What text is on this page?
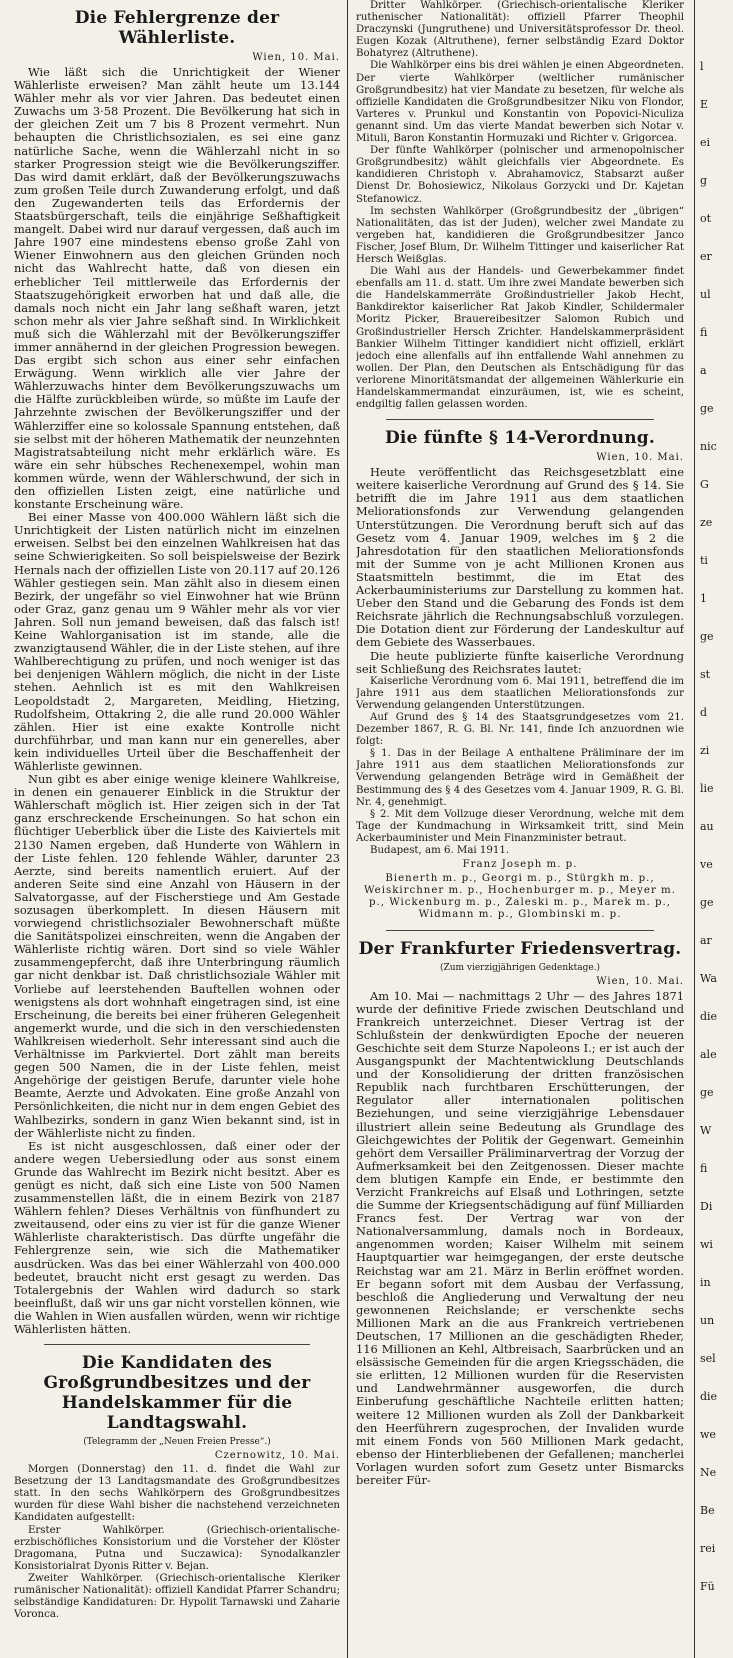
Die Fehlergrenze der Wählerliste.
Wien, 10. Mai.

Wie läßt sich die Unrichtigkeit der Wiener Wählerliste erweisen? Man zählt heute um 13.144 Wähler mehr als vor vier Jahren. Das bedeutet einen Zuwachs um 3·58 Prozent. Die Bevölkerung hat sich in der gleichen Zeit um 7 bis 8 Prozent vermehrt. Nun behaupten die Christlichsozialen, es sei eine ganz natürliche Sache, wenn die Wählerzahl nicht in so starker Progression steigt wie die Bevölkerungsziffer. Das wird damit erklärt, daß der Bevölkerungszuwachs zum großen Teile durch Zuwanderung erfolgt, und daß den Zugewanderten teils das Erfordernis der Staatsbürgerschaft, teils die einjährige Seßhaftigkeit mangelt. Dabei wird nur darauf vergessen, daß auch im Jahre 1907 eine mindestens ebenso große Zahl von Wiener Einwohnern aus den gleichen Gründen noch nicht das Wahlrecht hatte, daß von diesen ein erheblicher Teil mittlerweile das Erfordernis der Staatszugehörigkeit erworben hat und daß alle, die damals noch nicht ein Jahr lang seßhaft waren, jetzt schon mehr als vier Jahre seßhaft sind. In Wirklichkeit muß sich die Wählerzahl mit der Bevölkerungsziffer immer annähernd in der gleichen Progression bewegen. Das ergibt sich schon aus einer sehr einfachen Erwägung. Wenn wirklich alle vier Jahre der Wählerzuwachs hinter dem Bevölkerungszuwachs um die Hälfte zurückbleiben würde, so müßte im Laufe der Jahrzehnte zwischen der Bevölkerungsziffer und der Wählerziffer eine so kolossale Spannung entstehen, daß sie selbst mit der höheren Mathematik der neunzehnten Magistratsabteilung nicht mehr erklärlich wäre. Es wäre ein sehr hübsches Rechenexempel, wohin man kommen würde, wenn der Wählerschwund, der sich in den offiziellen Listen zeigt, eine natürliche und konstante Erscheinung wäre.

Bei einer Masse von 400.000 Wählern läßt sich die Unrichtigkeit der Listen natürlich nicht im einzelnen erweisen. Selbst bei den einzelnen Wahlkreisen hat das seine Schwierigkeiten. So soll beispielsweise der Bezirk Hernals nach der offiziellen Liste von 20.117 auf 20.126 Wähler gestiegen sein. Man zählt also in diesem einen Bezirk, der ungefähr so viel Einwohner hat wie Brünn oder Graz, ganz genau um 9 Wähler mehr als vor vier Jahren. Soll nun jemand beweisen, daß das falsch ist! Keine Wahlorganisation ist im stande, alle die zwanzigtausend Wähler, die in der Liste stehen, auf ihre Wahlberechtigung zu prüfen, und noch weniger ist das bei denjenigen Wählern möglich, die nicht in der Liste stehen. Aehnlich ist es mit den Wahlkreisen Leopoldstadt 2, Margareten, Meidling, Hietzing, Rudolfsheim, Ottakring 2, die alle rund 20.000 Wähler zählen. Hier ist eine exakte Kontrolle nicht durchführbar, und man kann nur ein generelles, aber kein individuelles Urteil über die Beschaffenheit der Wählerliste gewinnen.

Nun gibt es aber einige wenige kleinere Wahlkreise, in denen ein genauerer Einblick in die Struktur der Wählerschaft möglich ist. Hier zeigen sich in der Tat ganz erschreckende Erscheinungen. So hat schon ein flüchtiger Ueberblick über die Liste des Kaiviertels mit 2130 Namen ergeben, daß Hunderte von Wählern in der Liste fehlen. 120 fehlende Wähler, darunter 23 Aerzte, sind bereits namentlich eruiert. Auf der anderen Seite sind eine Anzahl von Häusern in der Salvatorgasse, auf der Fischerstiege und Am Gestade sozusagen überkomplett. In diesen Häusern mit vorwiegend christlichsozialer Bewohnerschaft müßte die Sanitätspolizei einschreiten, wenn die Angaben der Wählerliste richtig wären. Dort sind so viele Wähler zusammengepfercht, daß ihre Unterbringung räumlich gar nicht denkbar ist. Daß christlichsoziale Wähler mit Vorliebe auf leerstehenden Bauftellen wohnen oder wenigstens als dort wohnhaft eingetragen sind, ist eine Erscheinung, die bereits bei einer früheren Gelegenheit angemerkt wurde, und die sich in den verschiedensten Wahlkreisen wiederholt. Sehr interessant sind auch die Verhältnisse im Parkviertel. Dort zählt man bereits gegen 500 Namen, die in der Liste fehlen, meist Angehörige der geistigen Berufe, darunter viele hohe Beamte, Aerzte und Advokaten. Eine große Anzahl von Persönlichkeiten, die nicht nur in dem engen Gebiet des Wahlbezirks, sondern in ganz Wien bekannt sind, ist in der Wählerliste nicht zu finden.

Es ist nicht ausgeschlossen, daß einer oder der andere wegen Uebersiedlung oder aus sonst einem Grunde das Wahlrecht im Bezirk nicht besitzt. Aber es genügt es nicht, daß sich eine Liste von 500 Namen zusammenstellen läßt, die in einem Bezirk von 2187 Wählern fehlen? Dieses Verhältnis von fünfhundert zu zweitausend, oder eins zu vier ist für die ganze Wiener Wählerliste charakteristisch. Das dürfte ungefähr die Fehlergrenze sein, wie sich die Mathematiker ausdrücken. Was das bei einer Wählerzahl von 400.000 bedeutet, braucht nicht erst gesagt zu werden. Das Totalergebnis der Wahlen wird dadurch so stark beeinflußt, daß wir uns gar nicht vorstellen können, wie die Wahlen in Wien ausfallen würden, wenn wir richtige Wählerlisten hätten.

Die Kandidaten des Großgrundbesitzes und der Handelskammer für die Landtagswahl.
(Telegramm der „Neuen Freien Presse“.)
Czernowitz, 10. Mai.

Morgen (Donnerstag) den 11. d. findet die Wahl zur Besetzung der 13 Landtagsmandate des Großgrundbesitzes statt. In den sechs Wahlkörpern des Großgrundbesitzes wurden für diese Wahl bisher die nachstehend verzeichneten Kandidaten aufgestellt:

Erster Wahlkörper. (Griechisch-orientalische-erzbischöfliches Konsistorium und die Vorsteher der Klöster Dragomana, Putna und Suczawica): Synodalkanzler Konsistorialrat Dyonis Ritter v. Bejan.

Zweiter Wahlkörper. (Griechisch-orientalische Kleriker rumänischer Nationalität): offiziell Kandidat Pfarrer Schandru; selbständige Kandidaturen: Dr. Hypolit Tarnawski und Zaharie Voronca.

Dritter Wahlkörper. (Griechisch-orientalische Kleriker ruthenischer Nationalität): offiziell Pfarrer Theophil Draczynski (Jungruthene) und Universitätsprofessor Dr. theol. Eugen Kozak (Altruthene), ferner selbständig Ezard Doktor Bohatyrez (Altruthene).

Die Wahlkörper eins bis drei wählen je einen Abgeordneten. Der vierte Wahlkörper (weltlicher rumänischer Großgrundbesitz) hat vier Mandate zu besetzen, für welche als offizielle Kandidaten die Großgrundbesitzer Niku von Flondor, Varteres v. Prunkul und Konstantin von Popovici-Niculiza genannt sind. Um das vierte Mandat bewerben sich Notar v. Mituli, Baron Konstantin Hormuzaki und Richter v. Grigorcea.

Der fünfte Wahlkörper (polnischer und armenopolnischer Großgrundbesitz) wählt gleichfalls vier Abgeordnete. Es kandidieren Christoph v. Abrahamovicz, Stabsarzt außer Dienst Dr. Bohosiewicz, Nikolaus Gorzycki und Dr. Kajetan Stefanowicz.

Im sechsten Wahlkörper (Großgrundbesitz der „übrigen“ Nationalitäten, das ist der Juden), welcher zwei Mandate zu vergeben hat, kandidieren die Großgrundbesitzer Janco Fischer, Josef Blum, Dr. Wilhelm Tittinger und kaiserlicher Rat Hersch Weißglas.

Die Wahl aus der Handels- und Gewerbekammer findet ebenfalls am 11. d. statt. Um ihre zwei Mandate bewerben sich die Handelskammerräte Großindustrieller Jakob Hecht, Bankdirektor kaiserlicher Rat Jakob Kindler, Schildermaler Moritz Picker, Brauereibesitzer Salomon Rubich und Großindustrieller Hersch Zrichter. Handelskammerpräsident Bankier Wilhelm Tittinger kandidiert nicht offiziell, erklärt jedoch eine allenfalls auf ihn entfallende Wahl annehmen zu wollen. Der Plan, den Deutschen als Entschädigung für das verlorene Minoritätsmandat der allgemeinen Wählerkurie ein Handelskammermandat einzuräumen, ist, wie es scheint, endgiltig fallen gelassen worden.

Die fünfte § 14-Verordnung.
Wien, 10. Mai.

Heute veröffentlicht das Reichsgesetzblatt eine weitere kaiserliche Verordnung auf Grund des § 14. Sie betrifft die im Jahre 1911 aus dem staatlichen Meliorationsfonds zur Verwendung gelangenden Unterstützungen. Die Verordnung beruft sich auf das Gesetz vom 4. Januar 1909, welches im § 2 die Jahresdotation für den staatlichen Meliorationsfonds mit der Summe von je acht Millionen Kronen aus Staatsmitteln bestimmt, die im Etat des Ackerbauministeriums zur Darstellung zu kommen hat. Ueber den Stand und die Gebarung des Fonds ist dem Reichsrate jährlich die Rechnungsabschluß vorzulegen. Die Dotation dient zur Förderung der Landeskultur auf dem Gebiete des Wasserbaues.

Die heute publizierte fünfte kaiserliche Verordnung seit Schließung des Reichsrates lautet:

Kaiserliche Verordnung vom 6. Mai 1911, betreffend die im Jahre 1911 aus dem staatlichen Meliorationsfonds zur Verwendung gelangenden Unterstützungen.

Auf Grund des § 14 des Staatsgrundgesetzes vom 21. Dezember 1867, R. G. Bl. Nr. 141, finde Ich anzuordnen wie folgt:

§ 1. Das in der Beilage A enthaltene Präliminare der im Jahre 1911 aus dem staatlichen Meliorationsfonds zur Verwendung gelangenden Beträge wird in Gemäßheit der Bestimmung des § 4 des Gesetzes vom 4. Januar 1909, R. G. Bl. Nr. 4, genehmigt.

§ 2. Mit dem Vollzuge dieser Verordnung, welche mit dem Tage der Kundmachung in Wirksamkeit tritt, sind Mein Ackerbauminister und Mein Finanzminister betraut.

Budapest, am 6. Mai 1911.

Franz Joseph m. p.
Bienerth m. p., Georgi m. p., Stürgkh m. p., Weiskirchner m. p., Hochenburger m. p., Meyer m. p., Wickenburg m. p., Zaleski m. p., Marek m. p., Widmann m. p., Glombinski m. p.
Der Frankfurter Friedensvertrag.
(Zum vierzigjährigen Gedenktage.)
Wien, 10. Mai.

Am 10. Mai — nachmittags 2 Uhr — des Jahres 1871 wurde der definitive Friede zwischen Deutschland und Frankreich unterzeichnet. Dieser Vertrag ist der Schlußstein der denkwürdigten Epoche der neueren Geschichte seit dem Sturze Napoleons I.; er ist auch der Ausgangspunkt der Machtentwicklung Deutschlands und der Konsolidierung der dritten französischen Republik nach furchtbaren Erschütterungen, der Regulator aller internationalen politischen Beziehungen, und seine vierzigjährige Lebensdauer illustriert allein seine Bedeutung als Grundlage des Gleichgewichtes der Politik der Gegenwart. Gemeinhin gehört dem Versailler Präliminarvertrag der Vorzug der Aufmerksamkeit bei den Zeitgenossen. Dieser machte dem blutigen Kampfe ein Ende, er bestimmte den Verzicht Frankreichs auf Elsaß und Lothringen, setzte die Summe der Kriegsentschädigung auf fünf Milliarden Francs fest. Der Vertrag war von der Nationalversammlung, damals noch in Bordeaux, angenommen worden; Kaiser Wilhelm mit seinem Hauptquartier war heimgegangen, der erste deutsche Reichstag war am 21. März in Berlin eröffnet worden. Er begann sofort mit dem Ausbau der Verfassung, beschloß die Angliederung und Verwaltung der neu gewonnenen Reichslande; er verschenkte sechs Millionen Mark an die aus Frankreich vertriebenen Deutschen, 17 Millionen an die geschädigten Rheder, 116 Millionen an Kehl, Altbreisach, Saarbrücken und an elsässische Gemeinden für die argen Kriegsschäden, die sie erlitten, 12 Millionen wurden für die Reservisten und Landwehrmänner ausgeworfen, die durch Einberufung geschäftliche Nachteile erlitten hatten; weitere 12 Millionen wurden als Zoll der Dankbarkeit den Heerführern zugesprochen, der Invaliden wurde mit einem Fonds von 560 Millionen Mark gedacht, ebenso der Hinterbliebenen der Gefallenen; mancherlei Vorlagen wurden sofort zum Gesetz unter Bismarcks bereiter Für-

l
E
ei
g
ot
er
ul
fi
a
ge
nic
G
ze
ti
1
ge
st
d
zi
lie
au
ve
ge
ar
Wa
die
ale
ge
W
fi
Di
wi
in
un
sel
die
we
Ne
Be
rei
Fü
